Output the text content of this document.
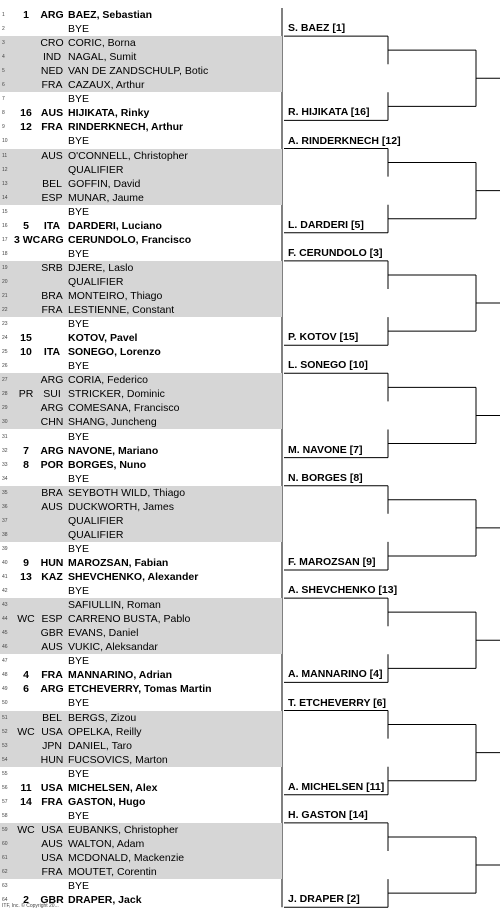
1	1	ARG BAEZ, Sebastian
2	BYE
3	CRO CORIC, Borna
4	IND NAGAL, Sumit
5	NED VAN DE ZANDSCHULP, Botic
6	FRA CAZAUX, Arthur
7	BYE
8	16 AUS HIJIKATA, Rinky
9	12 FRA RINDERKNECH, Arthur
10	BYE
11	AUS O'CONNELL, Christopher
12	QUALIFIER
13	BEL GOFFIN, David
14	ESP MUNAR, Jaume
15	BYE
16	5	ITA DARDERI, Luciano
17 3 WC ARG CERUNDOLO, Francisco
18	BYE
19	SRB DJERE, Laslo
20	QUALIFIER
21	BRA MONTEIRO, Thiago
22	FRA LESTIENNE, Constant
23	BYE
24	15	KOTOV, Pavel
25	10	ITA SONEGO, Lorenzo
26	BYE
27	ARG CORIA, Federico
28	PR SUI STRICKER, Dominic
29	ARG COMESANA, Francisco
30	CHN SHANG, Juncheng
31	BYE
32	7	ARG NAVONE, Mariano
33	8	POR BORGES, Nuno
34	BYE
35	BRA SEYBOTH WILD, Thiago
36	AUS DUCKWORTH, James
37	QUALIFIER
38	QUALIFIER
39	BYE
40	9	HUN MAROZSAN, Fabian
41	13 KAZ SHEVCHENKO, Alexander
42	BYE
43	SAFIULLIN, Roman
44 WC ESP CARRENO BUSTA, Pablo
45	GBR EVANS, Daniel
46	AUS VUKIC, Aleksandar
47	BYE
48	4	FRA MANNARINO, Adrian
49	6	ARG ETCHEVERRY, Tomas Martin
50	BYE
51	BEL BERGS, Zizou
52 WC USA OPELKA, Reilly
53	JPN DANIEL, Taro
54	HUN FUCSOVICS, Marton
55	BYE
56	11 USA MICHELSEN, Alex
57	14 FRA GASTON, Hugo
58	BYE
59 WC USA EUBANKS, Christopher
60	AUS WALTON, Adam
61	USA MCDONALD, Mackenzie
62	FRA MOUTET, Corentin
63	BYE
64	2	GBR DRAPER, Jack
S. BAEZ [1]
R. HIJIKATA [16]
A. RINDERKNECH [12]
L. DARDERI [5]
F. CERUNDOLO [3]
P. KOTOV [15]
L. SONEGO [10]
M. NAVONE [7]
N. BORGES [8]
F. MAROZSAN [9]
A. SHEVCHENKO [13]
A. MANNARINO [4]
T. ETCHEVERRY [6]
A. MICHELSEN [11]
H. GASTON [14]
J. DRAPER [2]
ITF, Inc. © Copyright 20...
